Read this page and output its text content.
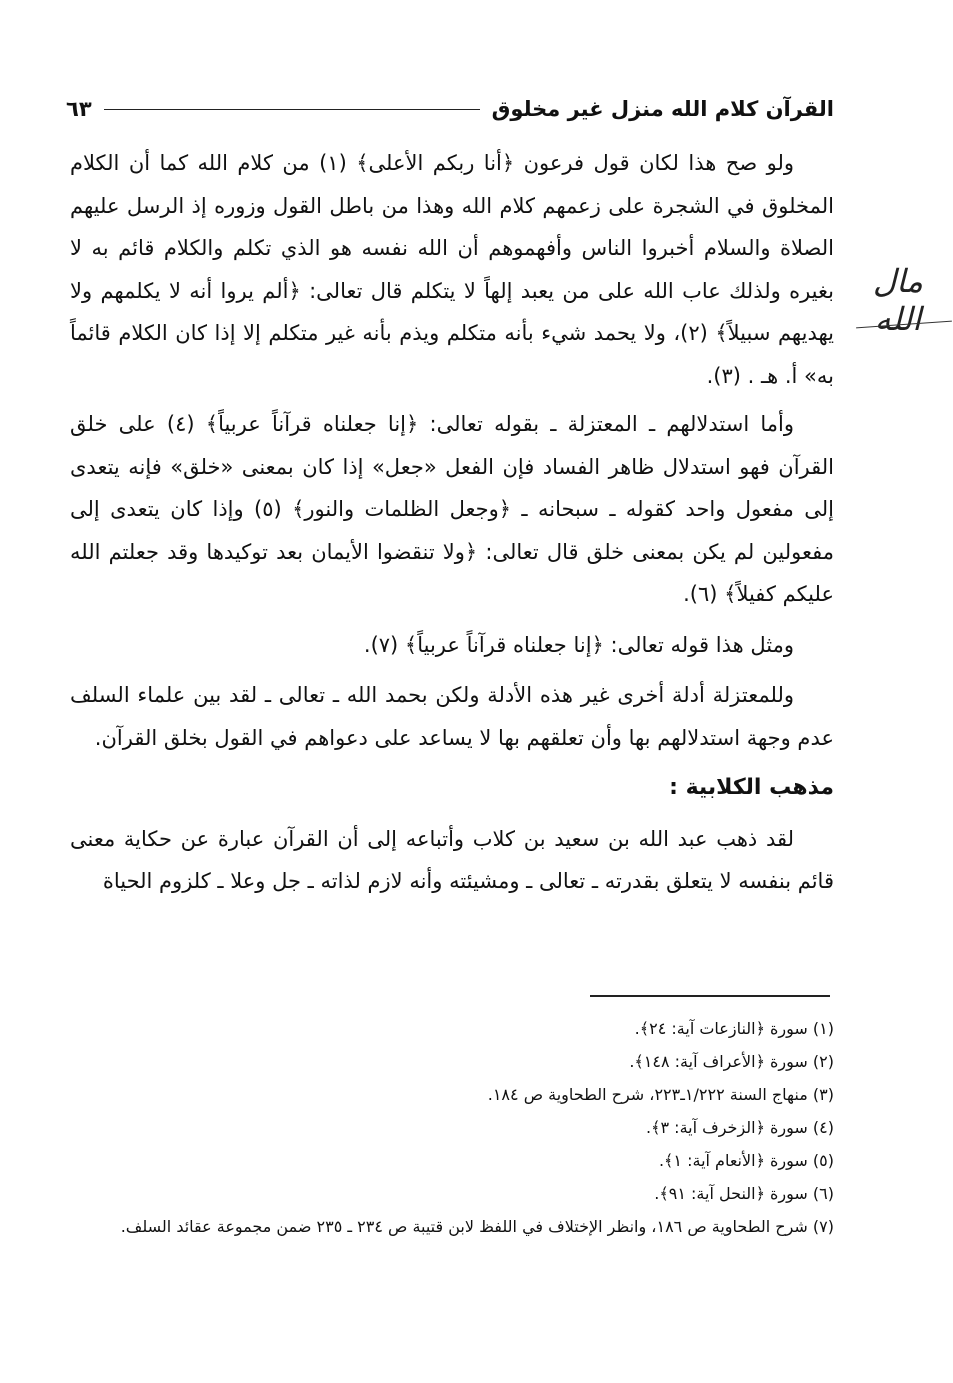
القرآن كلام الله منزل غير مخلوق
٦٣
مال الله

ولو صح هذا لكان قول فرعون ﴿أنا ربكم الأعلى﴾ (١) من كلام الله كما أن الكلام المخلوق في الشجرة على زعمهم كلام الله وهذا من باطل القول وزوره إذ الرسل عليهم الصلاة والسلام أخبروا الناس وأفهموهم أن الله نفسه هو الذي تكلم والكلام قائم به لا بغيره ولذلك عاب الله على من يعبد إلهاً لا يتكلم قال تعالى: ﴿ألم يروا أنه لا يكلمهم ولا يهديهم سبيلاً﴾ (٢)، ولا يحمد شيء بأنه متكلم ويذم بأنه غير متكلم إلا إذا كان الكلام قائماً به» أ. هـ . (٣).

وأما استدلالهم ـ المعتزلة ـ بقوله تعالى: ﴿إنا جعلناه قرآناً عربياً﴾ (٤) على خلق القرآن فهو استدلال ظاهر الفساد فإن الفعل «جعل» إذا كان بمعنى «خلق» فإنه يتعدى إلى مفعول واحد كقوله ـ سبحانه ـ ﴿وجعل الظلمات والنور﴾ (٥) وإذا كان يتعدى إلى مفعولين لم يكن بمعنى خلق قال تعالى: ﴿ولا تنقضوا الأيمان بعد توكيدها وقد جعلتم الله عليكم كفيلاً﴾ (٦).

ومثل هذا قوله تعالى: ﴿إنا جعلناه قرآناً عربياً﴾ (٧).

وللمعتزلة أدلة أخرى غير هذه الأدلة ولكن بحمد الله ـ تعالى ـ لقد بين علماء السلف عدم وجهة استدلالهم بها وأن تعلقهم بها لا يساعد على دعواهم في القول بخلق القرآن.

مذهب الكلابية :

لقد ذهب عبد الله بن سعيد بن كلاب وأتباعه إلى أن القرآن عبارة عن حكاية معنى قائم بنفسه لا يتعلق بقدرته ـ تعالى ـ ومشيئته وأنه لازم لذاته ـ جل وعلا ـ كلزوم الحياة

(١) سورة ﴿النازعات آية: ٢٤﴾.
(٢) سورة ﴿الأعراف آية: ١٤٨﴾.
(٣) منهاج السنة ١/٢٢٢ـ٢٢٣، شرح الطحاوية ص ١٨٤.
(٤) سورة ﴿الزخرف آية: ٣﴾.
(٥) سورة ﴿الأنعام آية: ١﴾.
(٦) سورة ﴿النحل آية: ٩١﴾.
(٧) شرح الطحاوية ص ١٨٦، وانظر الإختلاف في اللفظ لابن قتيبة ص ٢٣٤ ـ ٢٣٥ ضمن مجموعة عقائد السلف.
